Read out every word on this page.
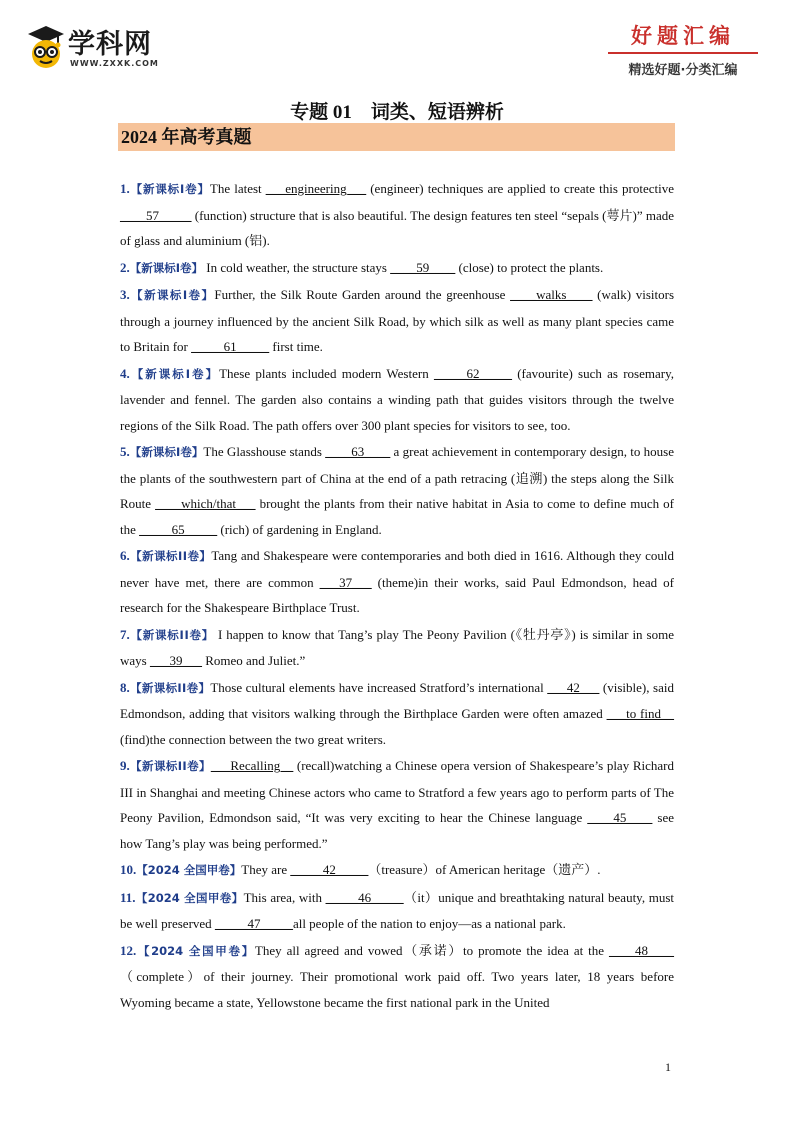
学科网
WWW.ZXXK.COM
好题汇编
精选好题·分类汇编
专题 01　词类、短语辨析
2024 年高考真题

1.【新课标Ⅰ卷】The latest ___engineering___ (engineer) techniques are applied to create this protective ____57_____ (function) structure that is also beautiful. The design features ten steel “sepals (萼片)” made of glass and aluminium (铝).

2.【新课标Ⅰ卷】 In cold weather, the structure stays ____59____ (close) to protect the plants.

3.【新课标Ⅰ卷】Further, the Silk Route Garden around the greenhouse ____walks____ (walk) visitors through a journey influenced by the ancient Silk Road, by which silk as well as many plant species came to Britain for _____61_____ first time.

4.【新课标Ⅰ卷】These plants included modern Western _____62_____ (favourite) such as rosemary, lavender and fennel. The garden also contains a winding path that guides visitors through the twelve regions of the Silk Road. The path offers over 300 plant species for visitors to see, too.

5.【新课标Ⅰ卷】The Glasshouse stands ____63____ a great achievement in contemporary design, to house the plants of the southwestern part of China at the end of a path retracing (追溯) the steps along the Silk Route ____which/that___ brought the plants from their native habitat in Asia to come to define much of the _____65_____ (rich) of gardening in England.

6.【新课标ⅠⅠ卷】Tang and Shakespeare were contemporaries and both died in 1616. Although they could never have met, there are common ___37___ (theme)in their works, said Paul Edmondson, head of research for the Shakespeare Birthplace Trust.

7.【新课标ⅠⅠ卷】 I happen to know that Tang’s play The Peony Pavilion (《牡丹亭》) is similar in some ways ___39___ Romeo and Juliet.”

8.【新课标ⅠⅠ卷】Those cultural elements have increased Stratford’s international ___42___ (visible), said Edmondson, adding that visitors walking through the Birthplace Garden were often amazed ___to find__ (find)the connection between the two great writers.

9.【新课标ⅠⅠ卷】___Recalling__ (recall)watching a Chinese opera version of Shakespeare’s play Richard III in Shanghai and meeting Chinese actors who came to Stratford a few years ago to perform parts of The Peony Pavilion, Edmondson said, “It was very exciting to hear the Chinese language ____45____ see how Tang’s play was being performed.”

10.【2024 全国甲卷】They are _____42_____（treasure）of American heritage（遗产）.

11.【2024 全国甲卷】This area, with _____46_____（it）unique and breathtaking natural beauty, must be well preserved _____47_____all people of the nation to enjoy—as a national park.

12.【2024 全国甲卷】They all agreed and vowed（承诺）to promote the idea at the ____48____（complete）of their journey. Their promotional work paid off. Two years later, 18 years before Wyoming became a state, Yellowstone became the first national park in the United

1
